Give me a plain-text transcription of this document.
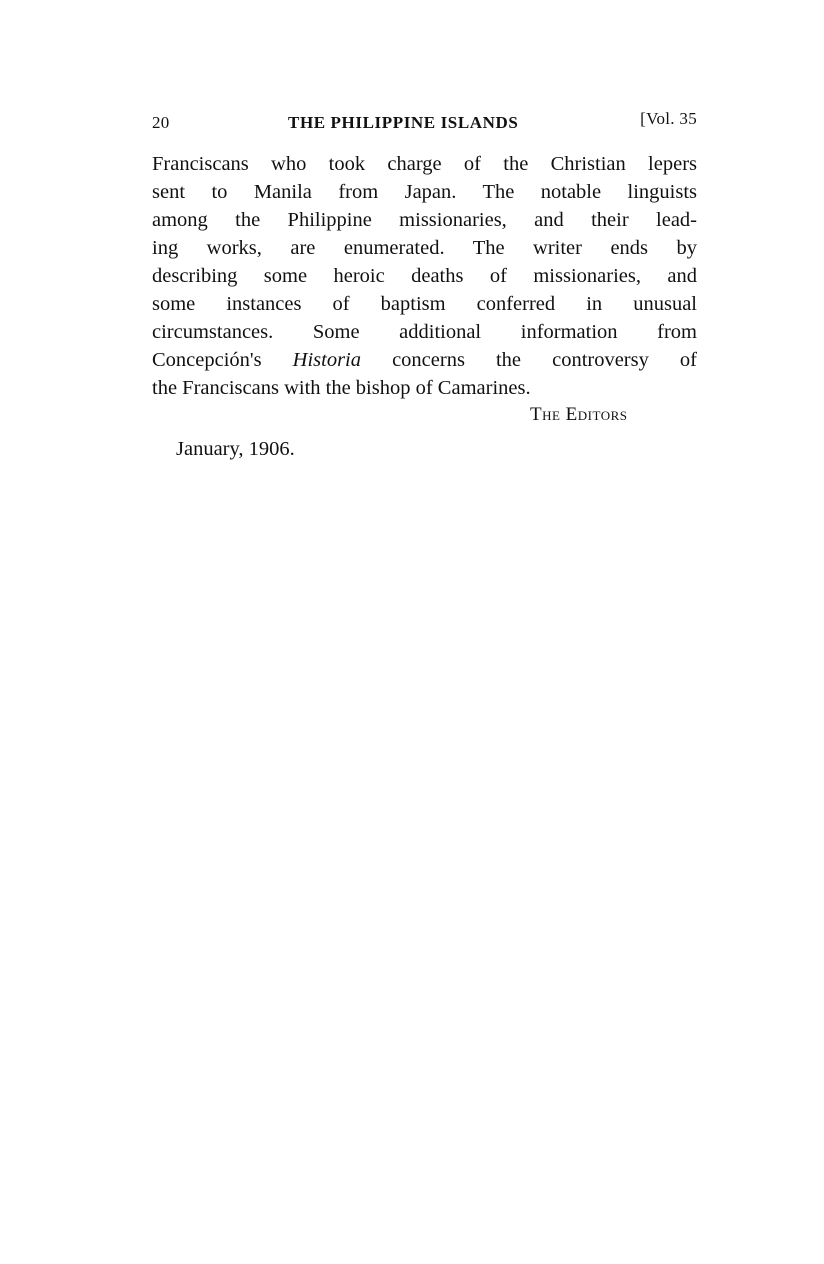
20	THE PHILIPPINE ISLANDS	[Vol. 35
Franciscans who took charge of the Christian lepers
sent to Manila from Japan. The notable linguists
among the Philippine missionaries, and their lead-
ing works, are enumerated. The writer ends by
describing some heroic deaths of missionaries, and
some instances of baptism conferred in unusual
circumstances. Some additional information from
Concepción's Historia concerns the controversy of
the Franciscans with the bishop of Camarines.
The Editors
January, 1906.
